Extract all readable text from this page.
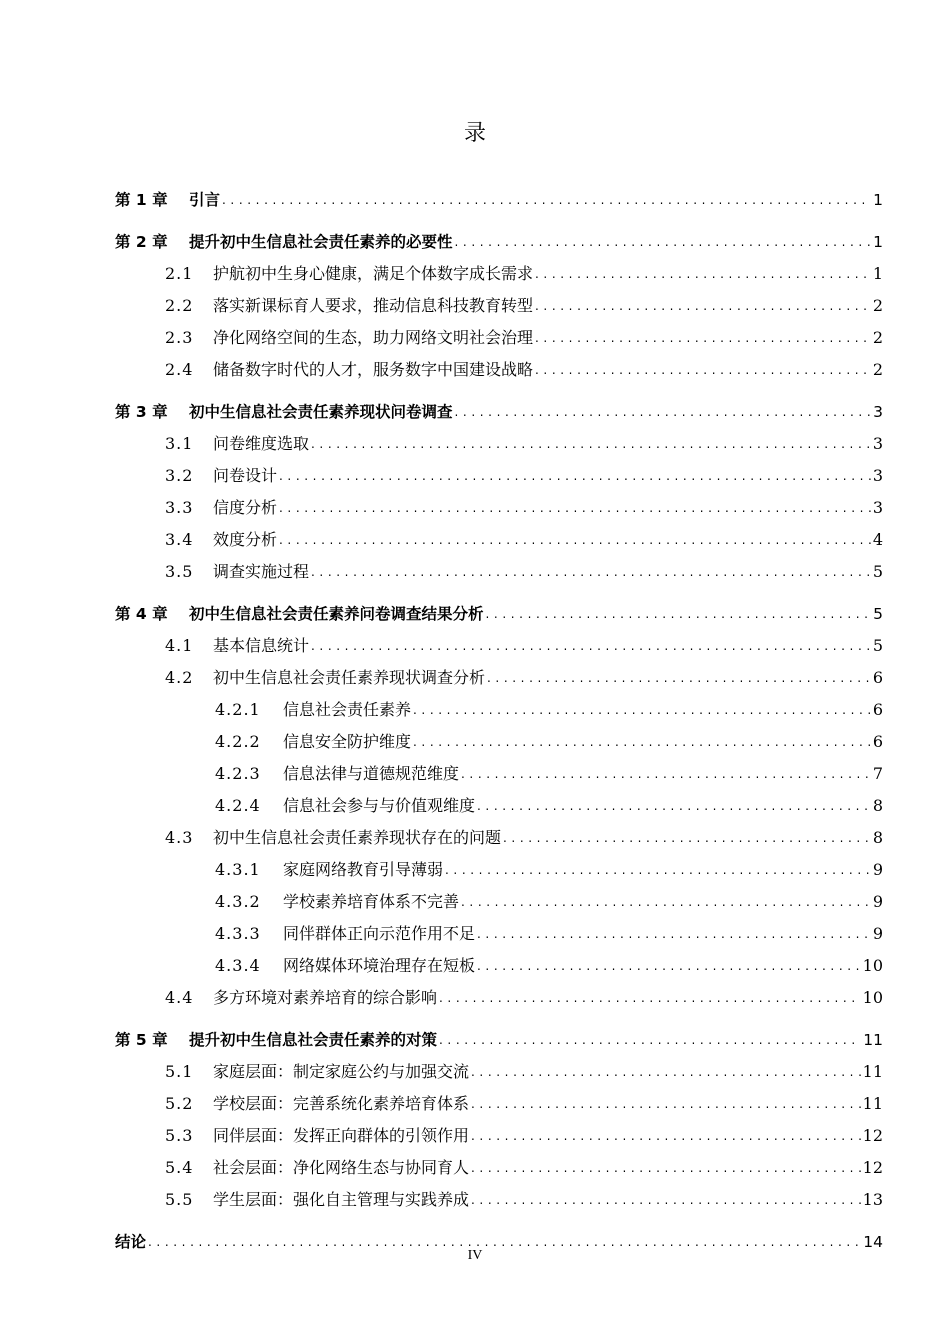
录
第 1 章	引言 .....	1
第 2 章	提升初中生信息社会责任素养的必要性 .....	1
2.1	护航初中生身心健康，满足个体数字成长需求 .....	1
2.2	落实新课标育人要求，推动信息科技教育转型 .....	2
2.3	净化网络空间的生态，助力网络文明社会治理 .....	2
2.4	储备数字时代的人才，服务数字中国建设战略 .....	2
第 3 章	初中生信息社会责任素养现状问卷调查 .....	3
3.1	问卷维度选取 .....	3
3.2	问卷设计 .....	3
3.3	信度分析 .....	3
3.4	效度分析 .....	4
3.5	调查实施过程 .....	5
第 4 章	初中生信息社会责任素养问卷调查结果分析 .....	5
4.1	基本信息统计 .....	5
4.2	初中生信息社会责任素养现状调查分析 .....	6
4.2.1	信息社会责任素养 .....	6
4.2.2	信息安全防护维度 .....	6
4.2.3	信息法律与道德规范维度 .....	7
4.2.4	信息社会参与与价值观维度 .....	8
4.3	初中生信息社会责任素养现状存在的问题 .....	8
4.3.1	家庭网络教育引导薄弱 .....	9
4.3.2	学校素养培育体系不完善 .....	9
4.3.3	同伴群体正向示范作用不足 .....	9
4.3.4	网络媒体环境治理存在短板 .....	10
4.4	多方环境对素养培育的综合影响 .....	10
第 5 章	提升初中生信息社会责任素养的对策 .....	11
5.1	家庭层面：制定家庭公约与加强交流 .....	11
5.2	学校层面：完善系统化素养培育体系 .....	11
5.3	同伴层面：发挥正向群体的引领作用 .....	12
5.4	社会层面：净化网络生态与协同育人 .....	12
5.5	学生层面：强化自主管理与实践养成 .....	13
结论 .....	14
IV
